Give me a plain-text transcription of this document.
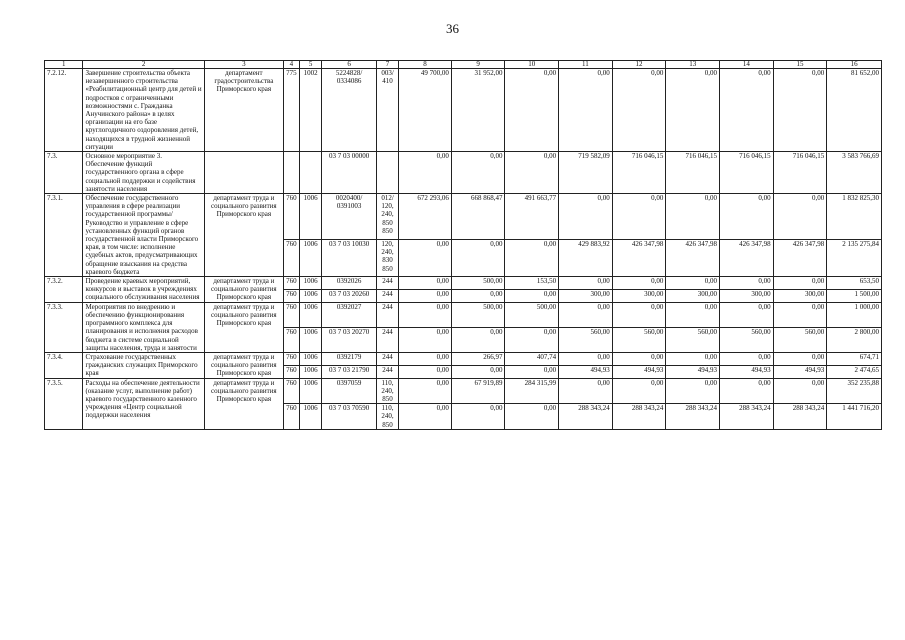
36
1	2	3	4	5	6	7	8	9	10	11	12	13	14	15	16
7.2.12.	Завершение строительства объекта незавершенного строительства «Реабилитационный центр для детей и подростков с ограниченными возможностями с. Гражданка Анучинского района» в целях организации на его базе круглогодичного оздоровления детей, находящихся в трудной жизненной ситуации	департамент градостроительства Приморского края	775	1002	5224828/ 0334086	003/ 410	49 700,00	31 952,00	0,00	0,00	0,00	0,00	0,00	0,00	81 652,00
7.3.	Основное мероприятие 3. Обеспечение функций государственного органа в сфере социальной поддержки и содействия занятости населения				03 7 03 00000		0,00	0,00	0,00	719 582,09	716 046,15	716 046,15	716 046,15	716 046,15	3 583 766,69
7.3.1.	Обеспечение государственного управления в сфере реализации государственной программы/ Руководство и управление в сфере установленных функций органов государственной власти Приморского края, в том числе: исполнение судебных актов, предусматривающих обращение взыскания на средства краевого бюджета	департамент труда и социального развития Приморского края	760	1006	0020400/ 0391003	012/ 120, 240, 850 850	672 293,06	668 868,47	491 663,77	0,00	0,00	0,00	0,00	0,00	1 832 825,30
			760	1006	03 7 03 10030	120, 240, 830 850	0,00	0,00	0,00	429 883,92	426 347,98	426 347,98	426 347,98	426 347,98	2 135 275,84
7.3.2.	Проведение краевых мероприятий, конкурсов и выставок в учреждениях социального обслуживания населения	департамент труда и социального развития Приморского края	760	1006	0392026	244	0,00	500,00	153,50	0,00	0,00	0,00	0,00	0,00	653,50
			760	1006	03 7 03 20260	244	0,00	0,00	0,00	300,00	300,00	300,00	300,00	300,00	1 500,00
7.3.3.	Мероприятия по внедрению и обеспечению функционирования программного комплекса для планирования и исполнения расходов бюджета в системе социальной защиты населения, труда и занятости	департамент труда и социального развития Приморского края	760	1006	0392027	244	0,00	500,00	500,00	0,00	0,00	0,00	0,00	0,00	1 000,00
			760	1006	03 7 03 20270	244	0,00	0,00	0,00	560,00	560,00	560,00	560,00	560,00	2 800,00
7.3.4.	Страхование государственных гражданских служащих Приморского края	департамент труда и социального развития Приморского края	760	1006	0392179	244	0,00	266,97	407,74	0,00	0,00	0,00	0,00	0,00	674,71
			760	1006	03 7 03 21790	244	0,00	0,00	0,00	494,93	494,93	494,93	494,93	494,93	2 474,65
7.3.5.	Расходы на обеспечение деятельности (оказание услуг, выполнение работ) краевого государственного казенного учреждения «Центр социальной поддержки населения	департамент труда и социального развития Приморского края	760	1006	0397059	110, 240, 850	0,00	67 919,89	284 315,99	0,00	0,00	0,00	0,00	0,00	352 235,88
			760	1006	03 7 03 70590	110, 240, 850	0,00	0,00	0,00	288 343,24	288 343,24	288 343,24	288 343,24	288 343,24	1 441 716,20
